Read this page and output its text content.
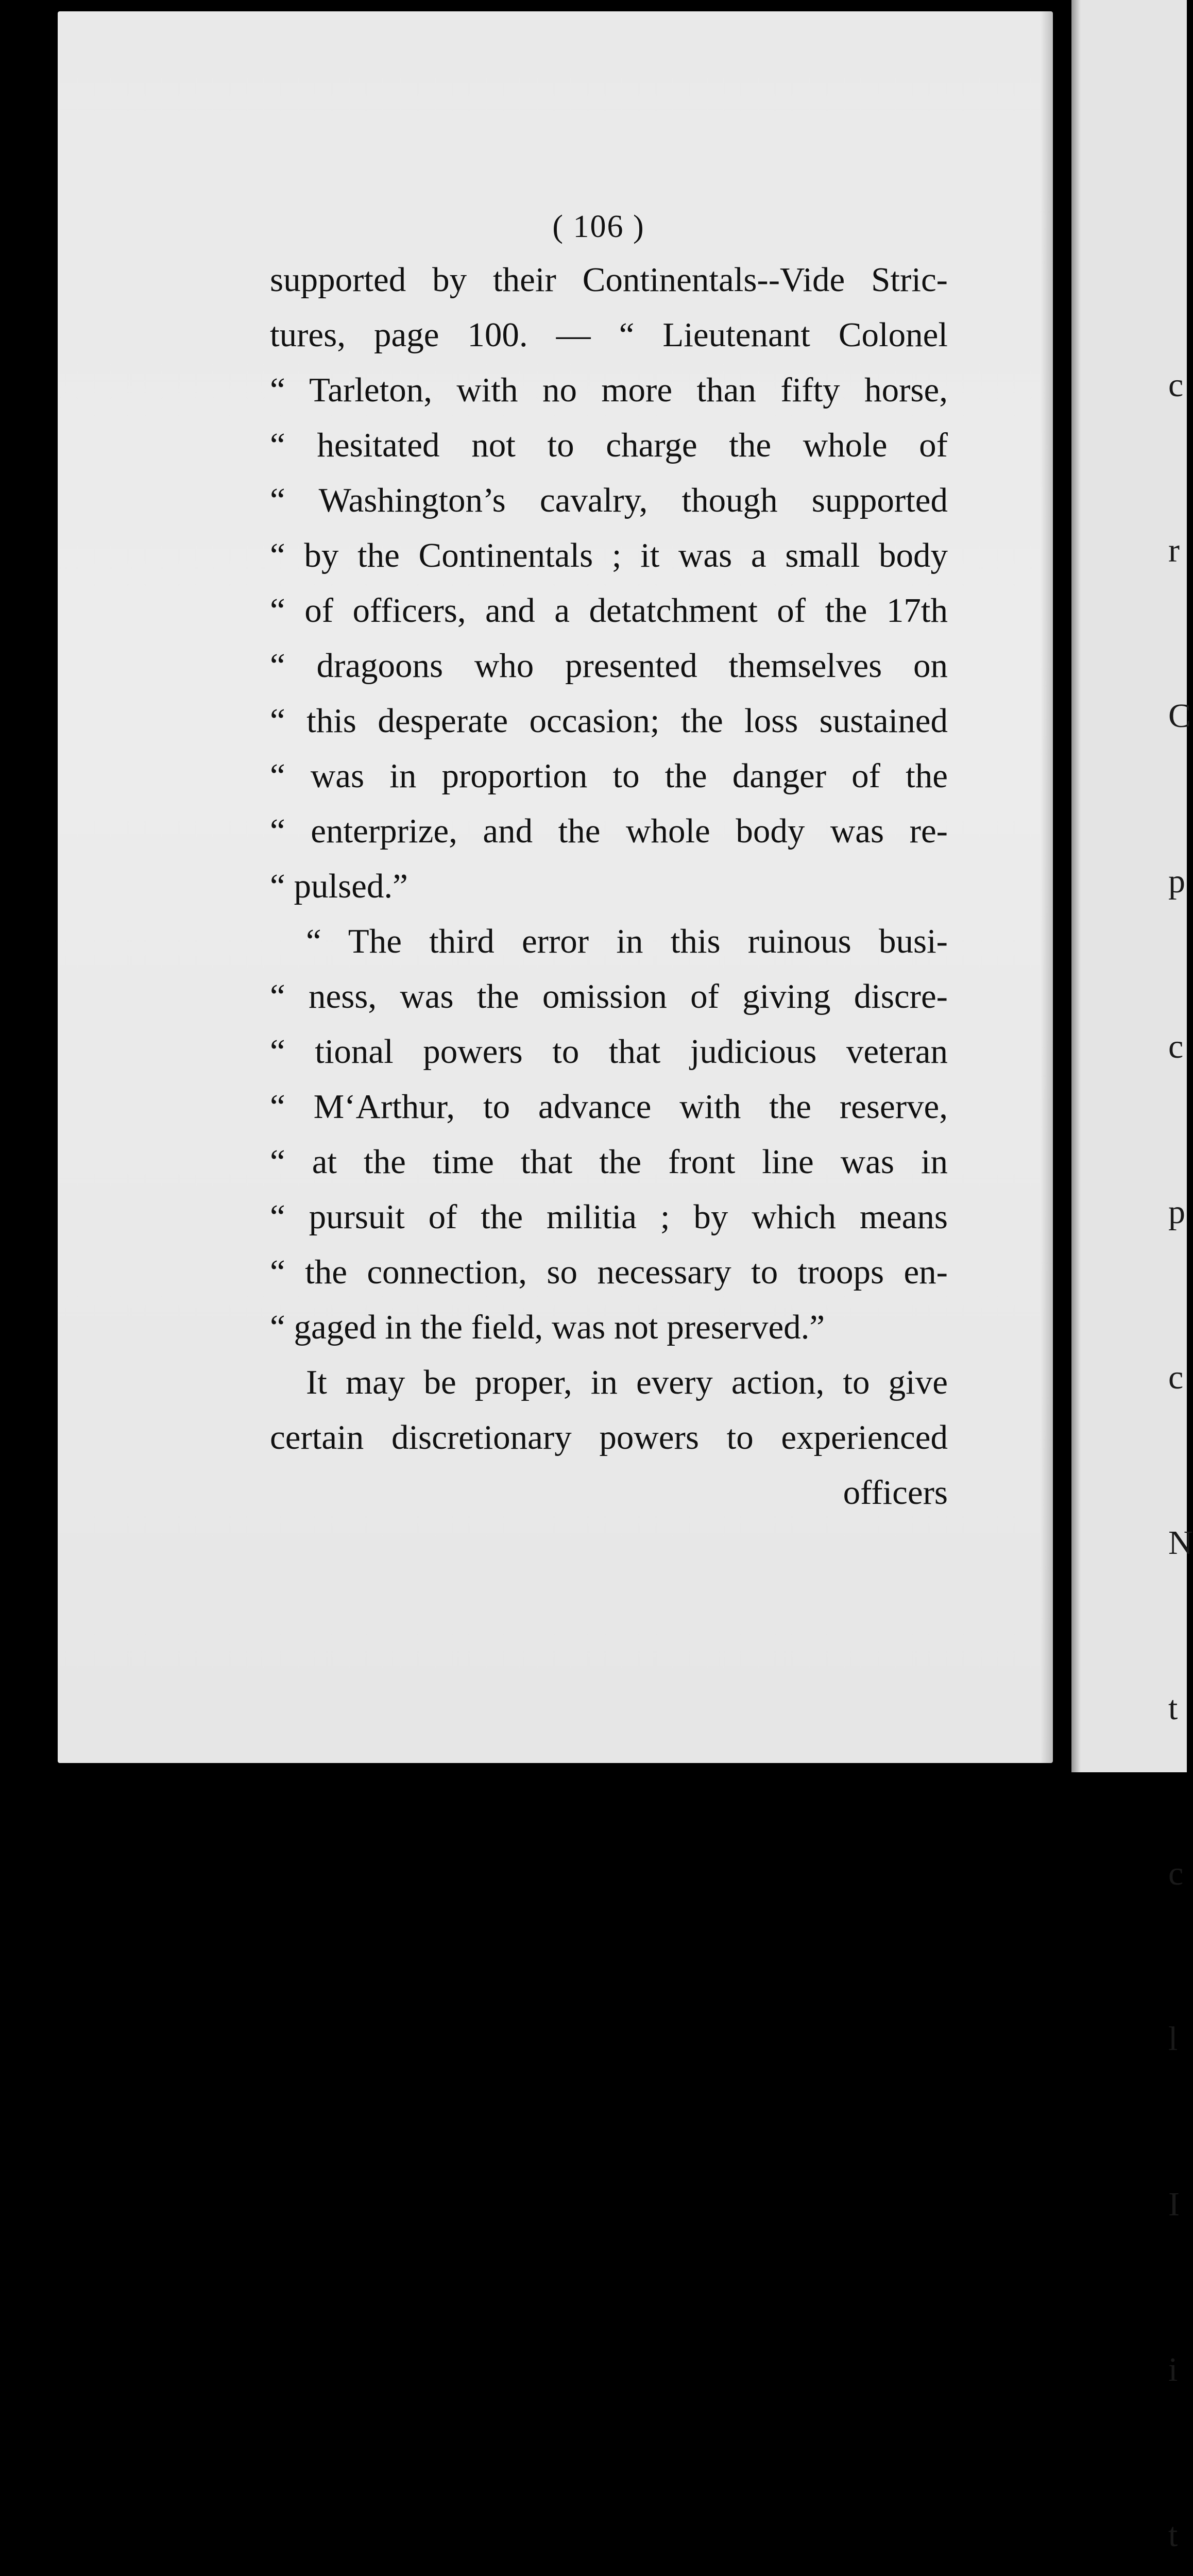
c

r

C

p

c

p

c

N

t

c

l

I

i

t

( 106 )
supported by their Continentals--Vide Stric-
tures, page 100. — “ Lieutenant Colonel
“ Tarleton, with no more than fifty horse,
“ hesitated not to charge the whole of
“ Washington’s cavalry, though supported
“ by the Continentals ; it was a small body
“ of officers, and a detatchment of the 17th
“ dragoons who presented themselves on
“ this desperate occasion; the loss sustained
“ was in proportion to the danger of the
“ enterprize, and the whole body was re-
“ pulsed.”
“ The third error in this ruinous busi-
“ ness, was the omission of giving discre-
“ tional powers to that judicious veteran
“ M‘Arthur, to advance with the reserve,
“ at the time that the front line was in
“ pursuit of the militia ; by which means
“ the connection, so necessary to troops en-
“ gaged in the field, was not preserved.”
It may be proper, in every action, to give
certain discretionary powers to experienced
officers
